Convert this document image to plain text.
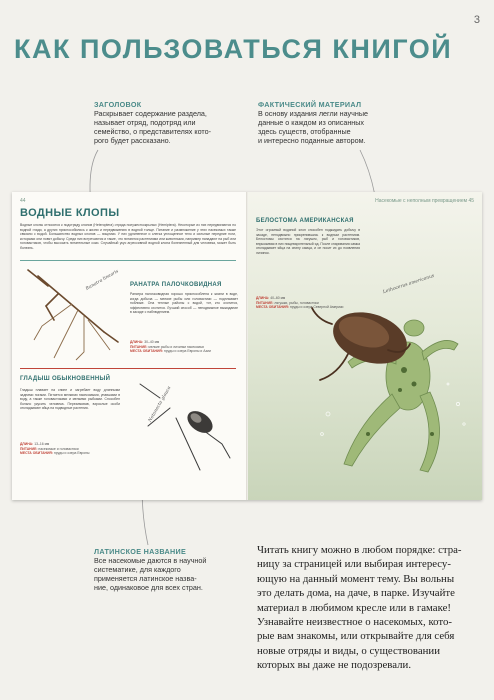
3
КАК ПОЛЬЗОВАТЬСЯ КНИГОЙ
ЗАГОЛОВОК
Раскрывает содержание раздела,
называет отряд, подотряд или
семейство, о представителях кото-
рого будет рассказано.
ФАКТИЧЕСКИЙ МАТЕРИАЛ
В основу издания легли научные
данные о каждом из описанных
здесь существ, отобранные
и интересно поданные автором.
44
ВОДНЫЕ КЛОПЫ
Водные клопы относятся к подотряду клопов (Heteroptera) отряда полужесткокрылых (Hemiptera). Некоторые из них передвигаются по водной глади, а других приспособились к жизни и передвижению в водной толще. Питание и размножение у этих насекомых также связано с водой. Большинство водных клопов — хищники. У них удлиненное и слегка уплощенное тело и сильные передние ноги, которыми они ловят добычу. Среди них встречаются и такие, что питаются растениями или животными, например нападают на рыб или головастиков, чтобы высосать питательные соки. Случайный укус агрессивной водной клопа болезненный для человека, может быть болезнь.
Ranatra linearis РАНАТРА ПАЛОЧКОВИДНАЯ
Ранатра палочковидная хорошо приспособлена к жизни в воде, когда добыча — мелкие рыбы или головастики — подплывает поближе. Она теплые районы с водой, тот, кто охотится, эффективно охотится. Лучший способ — неподвижное выжидание в засаде с наблюдением.
ДЛИНА: 30–40 мм
ПИТАНИЕ: мелкие рыбы и личинки насекомых
МЕСТА ОБИТАНИЯ: пруды и озера Европы и Азии
ГЛАДЫШ ОБЫКНОВЕННЫЙ
Гладыш плавает на спине и загребает воду длинными задними ногами. Питается мелкими насекомыми, упавшими в воду, а также головастиками и мелкими рыбками. Способен больно укусить человека. Перезимовав, взрослые особи откладывают яйца на подводные растения.
ДЛИНА: 13–16 мм
ПИТАНИЕ: насекомые и головастики
МЕСТА ОБИТАНИЯ: пруды и озера Европы
Notonecta glauca
Насекомые с неполным превращением 45
БЕЛОСТОМА АМЕРИКАНСКАЯ
Этот огромный водяной клоп способен поджидать добычу в засаде, неподвижно прикрепившись к водным растениям. Белостомы охотятся на лягушек, рыб и головастиков, впрыскивая в них пищеварительный яд. После спаривания самка откладывает яйца на спину самца, и он носит их до появления личинок.
ДЛИНА: 40–60 мм
ПИТАНИЕ: лягушки, рыбы, головастики
МЕСТА ОБИТАНИЯ: пруды и озера Северной Америки
Lethocerus americanus
ЛАТИНСКОЕ НАЗВАНИЕ
Все насекомые даются в научной
систематике, для каждого
применяется латинское назва-
ние, одинаковое для всех стран.
Читать книгу можно в любом порядке: стра-
ницу за страницей или выбирая интересу-
ющую на данный момент тему. Вы вольны
это делать дома, на даче, в парке. Изучайте
материал в любимом кресле или в гамаке!
Узнавайте неизвестное о насекомых, кото-
рые вам знакомы, или открывайте для себя
новые отряды и виды, о существовании
которых вы даже не подозревали.
